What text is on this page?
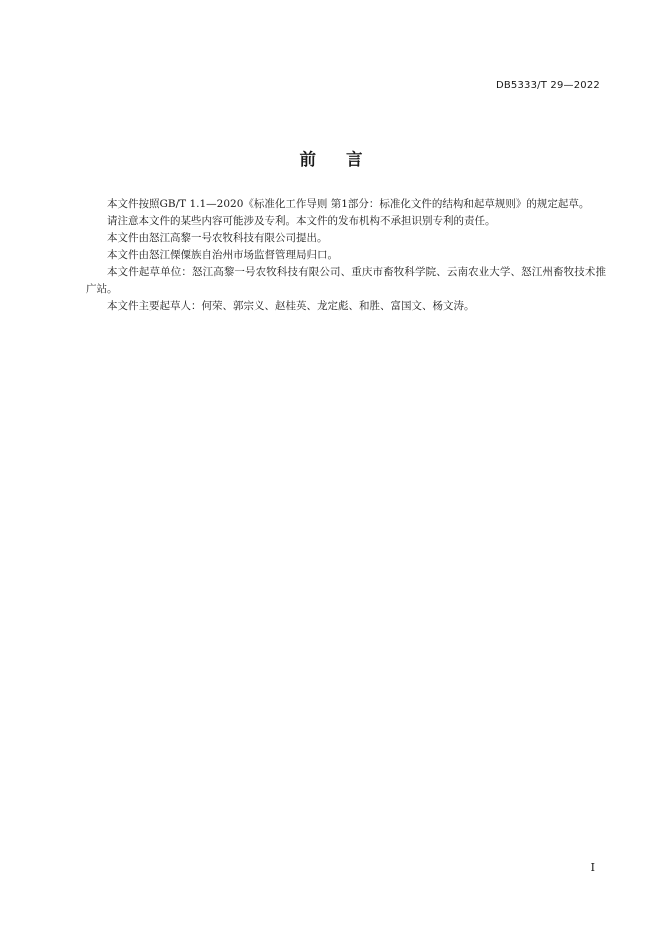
DB5333/T 29—2022
前 言

本文件按照GB/T 1.1—2020《标准化工作导则 第1部分：标准化文件的结构和起草规则》的规定起草。

请注意本文件的某些内容可能涉及专利。本文件的发布机构不承担识别专利的责任。

本文件由怒江高黎一号农牧科技有限公司提出。

本文件由怒江傈僳族自治州市场监督管理局归口。

本文件起草单位：怒江高黎一号农牧科技有限公司、重庆市畜牧科学院、云南农业大学、怒江州畜牧技术推广站。

本文件主要起草人：何荣、郭宗义、赵桂英、龙定彪、和胜、富国文、杨文涛。

I
